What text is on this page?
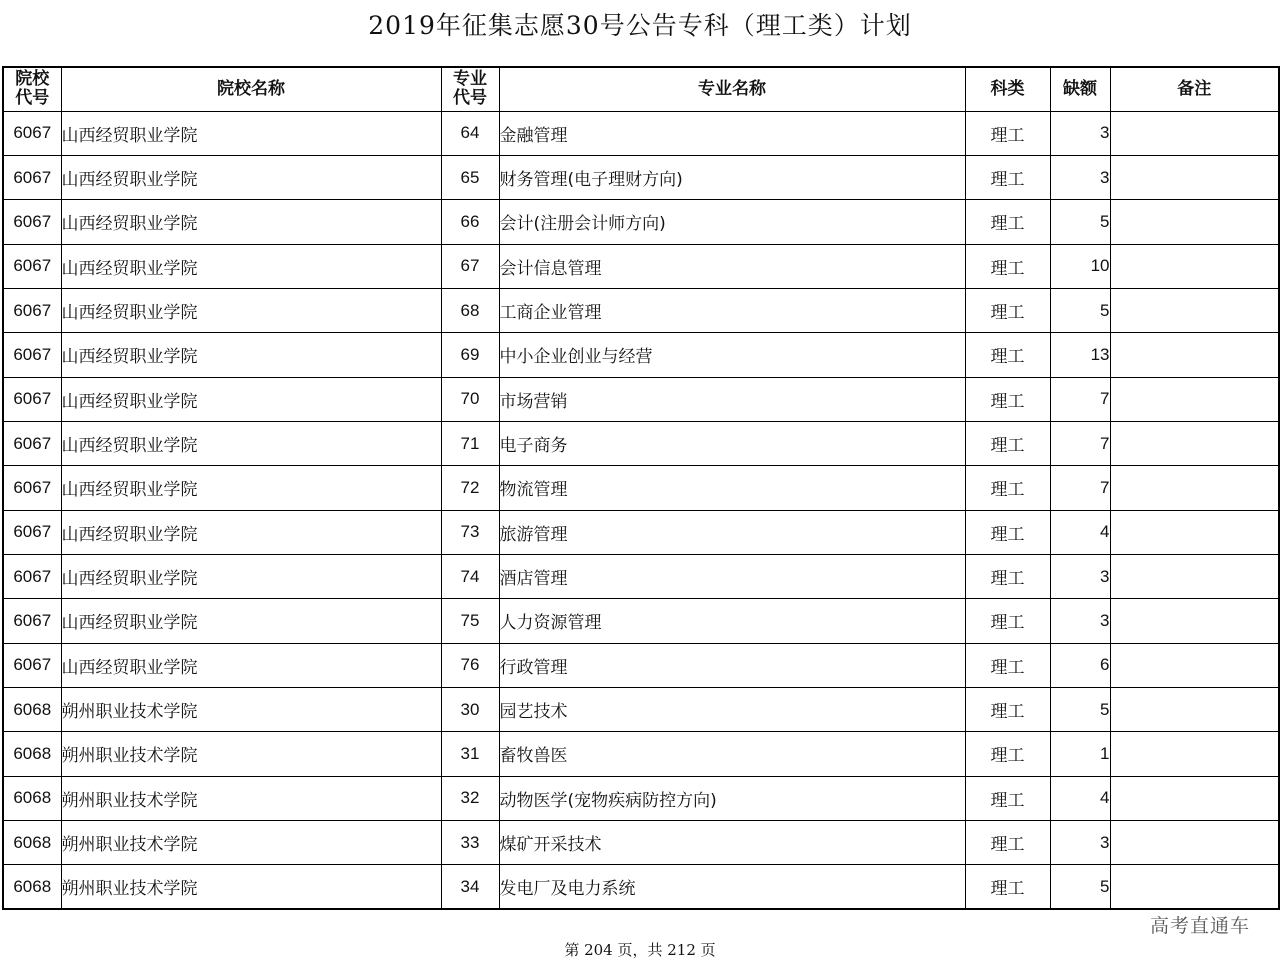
2019年征集志愿30号公告专科（理工类）计划
院校代号	院校名称	专业代号	专业名称	科类	缺额	备注
6067	山西经贸职业学院	64	金融管理	理工	3	
6067	山西经贸职业学院	65	财务管理(电子理财方向)	理工	3	
6067	山西经贸职业学院	66	会计(注册会计师方向)	理工	5	
6067	山西经贸职业学院	67	会计信息管理	理工	10	
6067	山西经贸职业学院	68	工商企业管理	理工	5	
6067	山西经贸职业学院	69	中小企业创业与经营	理工	13	
6067	山西经贸职业学院	70	市场营销	理工	7	
6067	山西经贸职业学院	71	电子商务	理工	7	
6067	山西经贸职业学院	72	物流管理	理工	7	
6067	山西经贸职业学院	73	旅游管理	理工	4	
6067	山西经贸职业学院	74	酒店管理	理工	3	
6067	山西经贸职业学院	75	人力资源管理	理工	3	
6067	山西经贸职业学院	76	行政管理	理工	6	
6068	朔州职业技术学院	30	园艺技术	理工	5	
6068	朔州职业技术学院	31	畜牧兽医	理工	1	
6068	朔州职业技术学院	32	动物医学(宠物疾病防控方向)	理工	4	
6068	朔州职业技术学院	33	煤矿开采技术	理工	3	
6068	朔州职业技术学院	34	发电厂及电力系统	理工	5	
高考直通车
第 204 页，共 212 页
